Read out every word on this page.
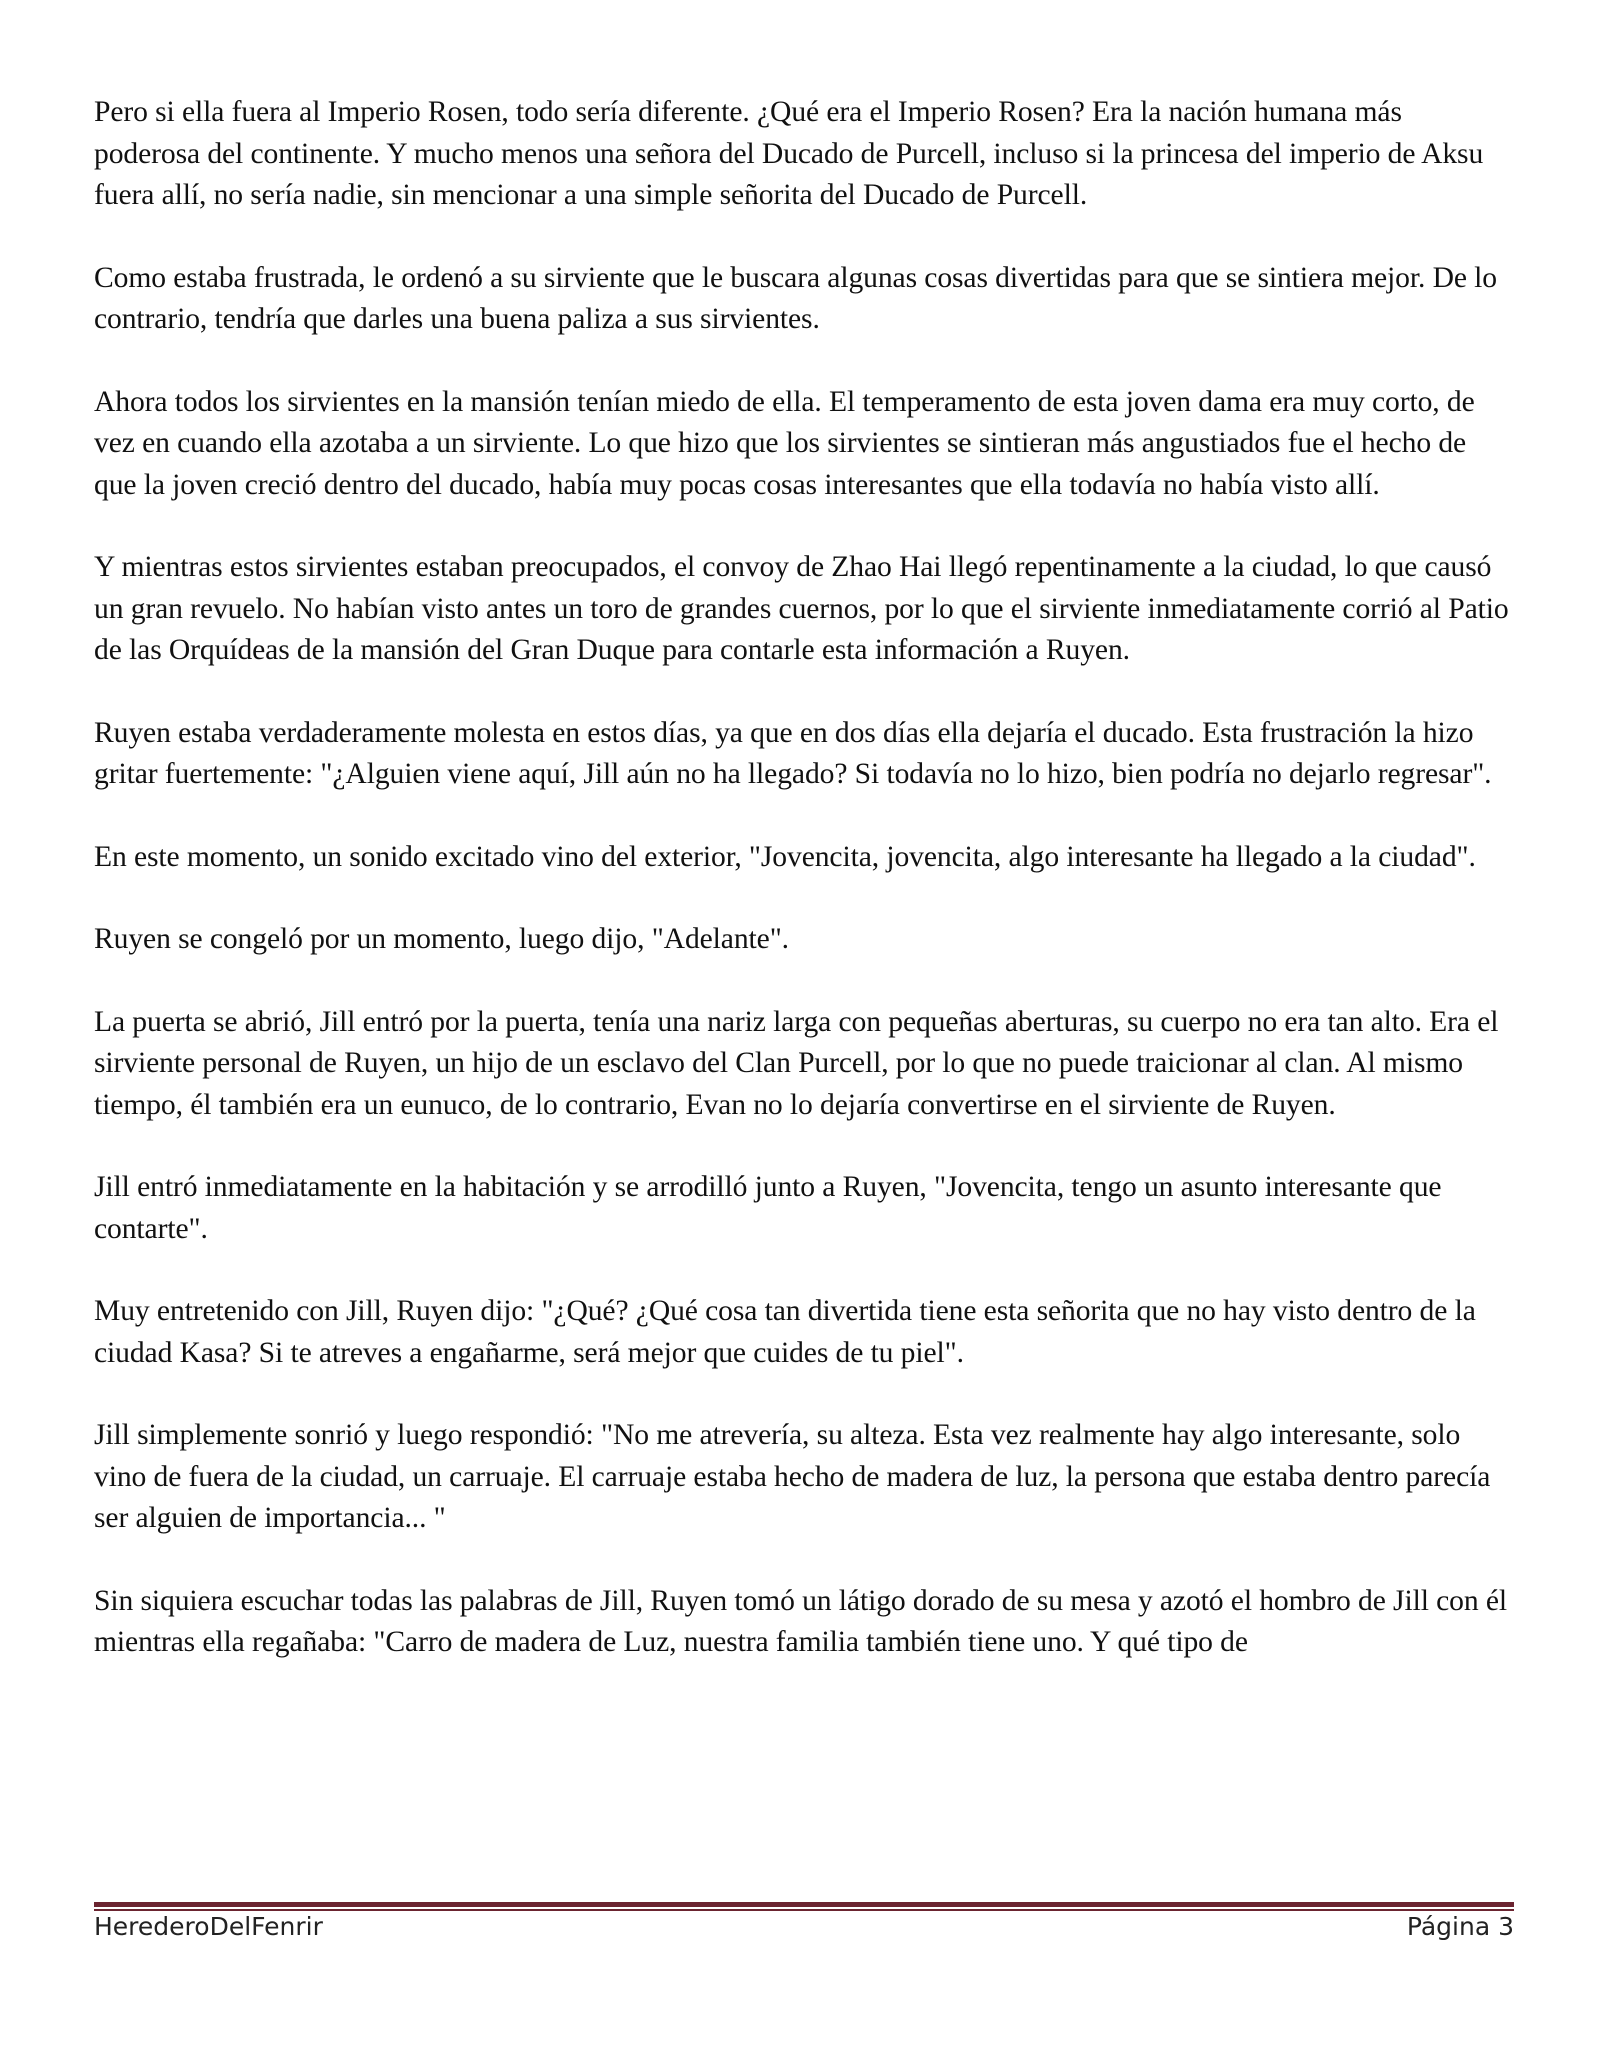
Pero si ella fuera al Imperio Rosen, todo sería diferente. ¿Qué era el Imperio Rosen? Era la nación humana más poderosa del continente. Y mucho menos una señora del Ducado de Purcell, incluso si la princesa del imperio de Aksu fuera allí, no sería nadie, sin mencionar a una simple señorita del Ducado de Purcell.

Como estaba frustrada, le ordenó a su sirviente que le buscara algunas cosas divertidas para que se sintiera mejor. De lo contrario, tendría que darles una buena paliza a sus sirvientes.

Ahora todos los sirvientes en la mansión tenían miedo de ella. El temperamento de esta joven dama era muy corto, de vez en cuando ella azotaba a un sirviente. Lo que hizo que los sirvientes se sintieran más angustiados fue el hecho de que la joven creció dentro del ducado, había muy pocas cosas interesantes que ella todavía no había visto allí.

Y mientras estos sirvientes estaban preocupados, el convoy de Zhao Hai llegó repentinamente a la ciudad, lo que causó un gran revuelo. No habían visto antes un toro de grandes cuernos, por lo que el sirviente inmediatamente corrió al Patio de las Orquídeas de la mansión del Gran Duque para contarle esta información a Ruyen.

Ruyen estaba verdaderamente molesta en estos días, ya que en dos días ella dejaría el ducado. Esta frustración la hizo gritar fuertemente: "¿Alguien viene aquí, Jill aún no ha llegado? Si todavía no lo hizo, bien podría no dejarlo regresar".

En este momento, un sonido excitado vino del exterior, "Jovencita, jovencita, algo interesante ha llegado a la ciudad".

Ruyen se congeló por un momento, luego dijo, "Adelante".

La puerta se abrió, Jill entró por la puerta, tenía una nariz larga con pequeñas aberturas, su cuerpo no era tan alto. Era el sirviente personal de Ruyen, un hijo de un esclavo del Clan Purcell, por lo que no puede traicionar al clan. Al mismo tiempo, él también era un eunuco, de lo contrario, Evan no lo dejaría convertirse en el sirviente de Ruyen.

Jill entró inmediatamente en la habitación y se arrodilló junto a Ruyen, "Jovencita, tengo un asunto interesante que contarte".

Muy entretenido con Jill, Ruyen dijo: "¿Qué? ¿Qué cosa tan divertida tiene esta señorita que no hay visto dentro de la ciudad Kasa? Si te atreves a engañarme, será mejor que cuides de tu piel".

Jill simplemente sonrió y luego respondió: "No me atrevería, su alteza. Esta vez realmente hay algo interesante, solo vino de fuera de la ciudad, un carruaje. El carruaje estaba hecho de madera de luz, la persona que estaba dentro parecía ser alguien de importancia... "

Sin siquiera escuchar todas las palabras de Jill, Ruyen tomó un látigo dorado de su mesa y azotó el hombro de Jill con él mientras ella regañaba: "Carro de madera de Luz, nuestra familia también tiene uno. Y qué tipo de

HerederoDelFenrir	Página 3
